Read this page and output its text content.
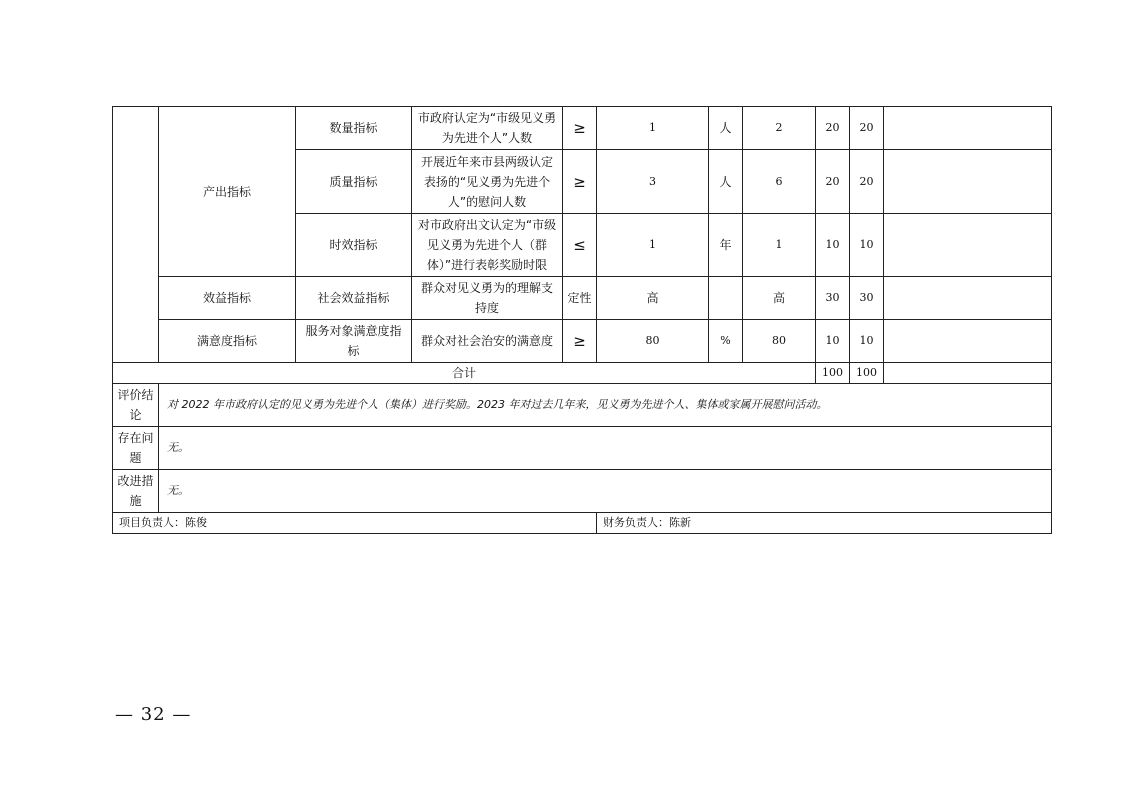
	产出指标	数量指标	市政府认定为“市级见义勇为先进个人”人数	≥	1	人	2	20	20	
		质量指标	开展近年来市县两级认定表扬的“见义勇为先进个人”的慰问人数	≥	3	人	6	20	20	
		时效指标	对市政府出文认定为“市级见义勇为先进个人（群体）”进行表彰奖励时限	≤	1	年	1	10	10	
	效益指标	社会效益指标	群众对见义勇为的理解支持度	定性	高		高	30	30	
	满意度指标	服务对象满意度指标	群众对社会治安的满意度	≥	80	%	80	10	10	
合计								100	100	
评价结论	对 2022 年市政府认定的见义勇为先进个人（集体）进行奖励。2023 年对过去几年来，见义勇为先进个人、集体或家属开展慰问活动。									
存在问题	无。									
改进措施	无。									
项目负责人：陈俊					财务负责人：陈新					
— 32 —
